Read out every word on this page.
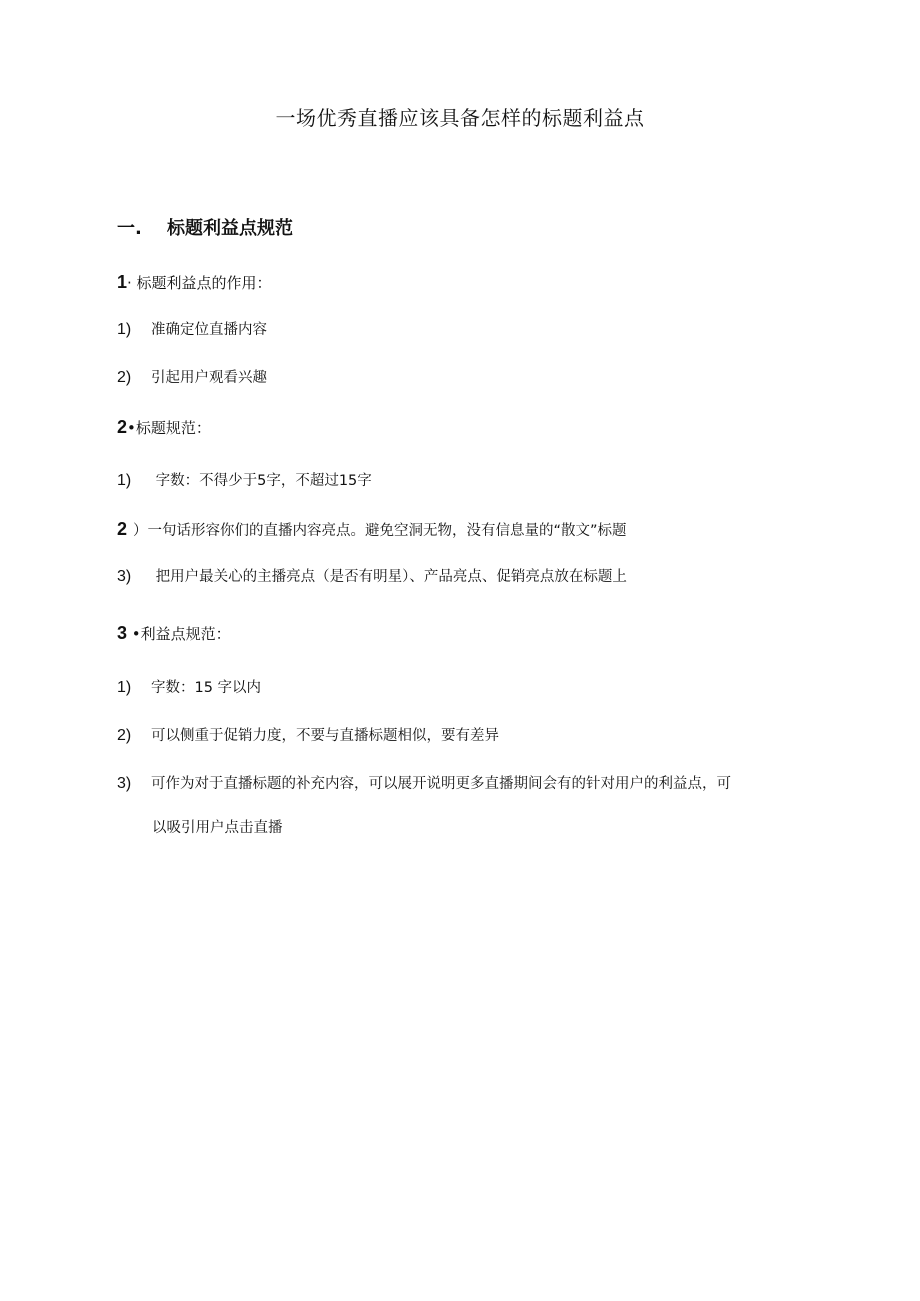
一场优秀直播应该具备怎样的标题利益点
一. 标题利益点规范
1· 标题利益点的作用：
1) 准确定位直播内容
2) 引起用户观看兴趣
2•标题规范：
1) 字数：不得少于5字，不超过15字
2 ）一句话形容你们的直播内容亮点。避免空洞无物，没有信息量的“散文”标题
3) 把用户最关心的主播亮点（是否有明星）、产品亮点、促销亮点放在标题上
3 •利益点规范：
1) 字数：15 字以内
2) 可以侧重于促销力度，不要与直播标题相似，要有差异
3) 可作为对于直播标题的补充内容，可以展开说明更多直播期间会有的针对用户的利益点，可
以吸引用户点击直播
